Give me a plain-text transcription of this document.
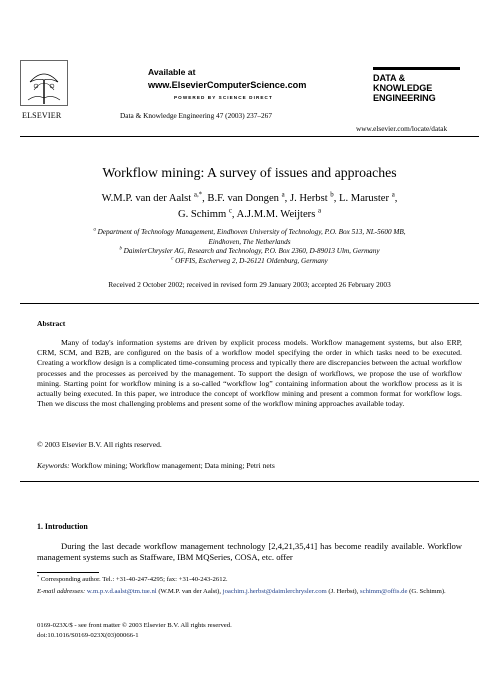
ELSEVIER
Available at
www.ElsevierComputerScience.com
POWERED BY SCIENCE DIRECT
Data & Knowledge Engineering 47 (2003) 237–267
DATA &
KNOWLEDGE
ENGINEERING
www.elsevier.com/locate/datak
Workflow mining: A survey of issues and approaches
W.M.P. van der Aalst $^{a,*}$, B.F. van Dongen $^a$, J. Herbst $^b$, L. Maruster $^a$,
G. Schimm $^c$, A.J.M.M. Weijters $^a$
$^a$ Department of Technology Management, Eindhoven University of Technology, P.O. Box 513, NL-5600 MB,
Eindhoven, The Netherlands
$^b$ DaimlerChrysler AG, Research and Technology, P.O. Box 2360, D-89013 Ulm, Germany
$^c$ OFFIS, Escherweg 2, D-26121 Oldenburg, Germany
Received 2 October 2002; received in revised form 29 January 2003; accepted 26 February 2003
Abstract

Many of today's information systems are driven by explicit process models. Workflow management systems, but also ERP, CRM, SCM, and B2B, are configured on the basis of a workflow model specifying the order in which tasks need to be executed. Creating a workflow design is a complicated time-consuming process and typically there are discrepancies between the actual workflow processes and the processes as perceived by the management. To support the design of workflows, we propose the use of workflow mining. Starting point for workflow mining is a so-called “workflow log” containing information about the workflow process as it is actually being executed. In this paper, we introduce the concept of workflow mining and present a common format for workflow logs. Then we discuss the most challenging problems and present some of the workflow mining approaches available today.

© 2003 Elsevier B.V. All rights reserved.
Keywords: Workflow mining; Workflow management; Data mining; Petri nets
1. Introduction

During the last decade workflow management technology [2,4,21,35,41] has become readily available. Workflow management systems such as Staffware, IBM MQSeries, COSA, etc. offer

* Corresponding author. Tel.: +31-40-247-4295; fax: +31-40-243-2612.
E-mail addresses: w.m.p.v.d.aalst@tm.tue.nl (W.M.P. van der Aalst), joachim.j.herbst@daimlerchrysler.com (J. Herbst), schimm@offis.de (G. Schimm).
0169-023X/$ - see front matter © 2003 Elsevier B.V. All rights reserved.
doi:10.1016/S0169-023X(03)00066-1
